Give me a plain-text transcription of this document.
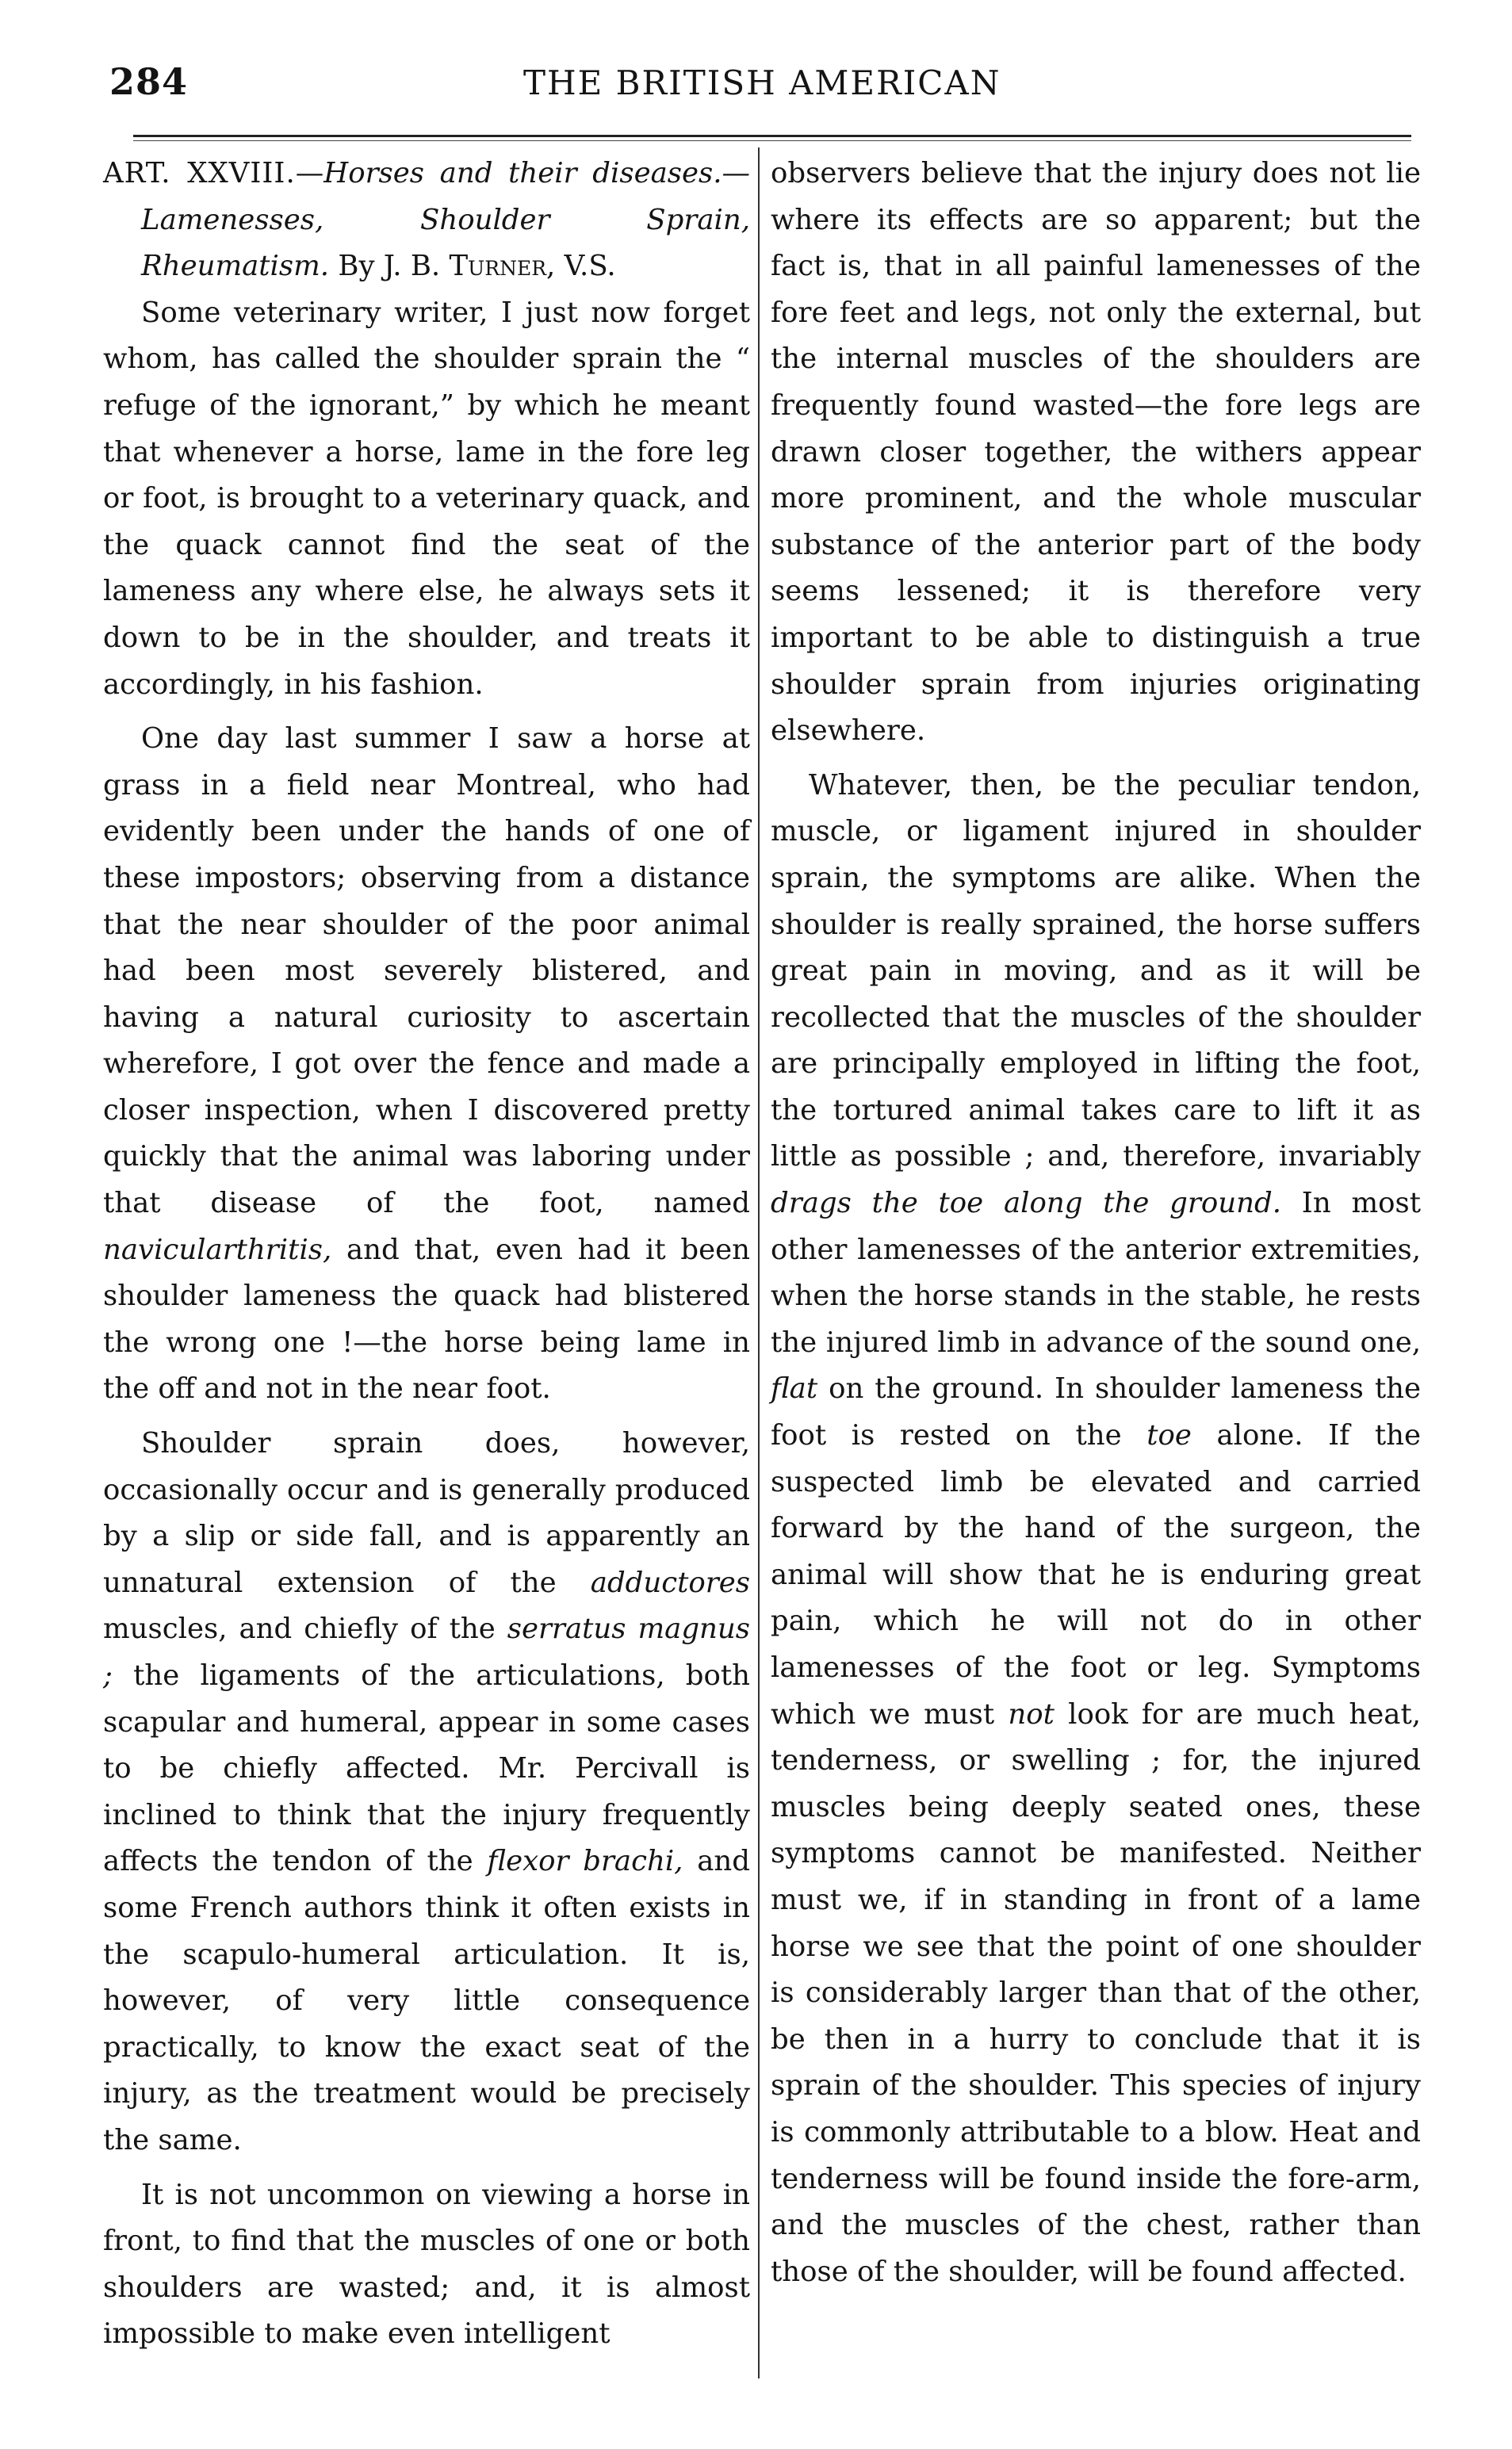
284	THE BRITISH AMERICAN

ART. XXVIII.—Horses and their diseases.—Lamenesses, Shoulder Sprain, Rheumatism. By J. B. Turner, V.S.

Some veterinary writer, I just now forget whom, has called the shoulder sprain the “ refuge of the ignorant,” by which he meant that whenever a horse, lame in the fore leg or foot, is brought to a veterinary quack, and the quack cannot find the seat of the lameness any where else, he always sets it down to be in the shoulder, and treats it accordingly, in his fashion.

One day last summer I saw a horse at grass in a field near Montreal, who had evidently been under the hands of one of these impostors; observing from a distance that the near shoulder of the poor animal had been most severely blistered, and having a natural curiosity to ascertain wherefore, I got over the fence and made a closer inspection, when I discovered pretty quickly that the animal was laboring under that disease of the foot, named navicularthritis, and that, even had it been shoulder lameness the quack had blistered the wrong one !—the horse being lame in the off and not in the near foot.

Shoulder sprain does, however, occasionally occur and is generally produced by a slip or side fall, and is apparently an unnatural extension of the adductores muscles, and chiefly of the serratus magnus ; the ligaments of the articulations, both scapular and humeral, appear in some cases to be chiefly affected. Mr. Percivall is inclined to think that the injury frequently affects the tendon of the flexor brachi, and some French authors think it often exists in the scapulo-humeral articulation. It is, however, of very little consequence practically, to know the exact seat of the injury, as the treatment would be precisely the same.

It is not uncommon on viewing a horse in front, to find that the muscles of one or both shoulders are wasted; and, it is almost impossible to make even intelligent

observers believe that the injury does not lie where its effects are so apparent; but the fact is, that in all painful lamenesses of the fore feet and legs, not only the external, but the internal muscles of the shoulders are frequently found wasted—the fore legs are drawn closer together, the withers appear more prominent, and the whole muscular substance of the anterior part of the body seems lessened; it is therefore very important to be able to distinguish a true shoulder sprain from injuries originating elsewhere.

Whatever, then, be the peculiar tendon, muscle, or ligament injured in shoulder sprain, the symptoms are alike. When the shoulder is really sprained, the horse suffers great pain in moving, and as it will be recollected that the muscles of the shoulder are principally employed in lifting the foot, the tortured animal takes care to lift it as little as possible ; and, therefore, invariably drags the toe along the ground. In most other lamenesses of the anterior extremities, when the horse stands in the stable, he rests the injured limb in advance of the sound one, flat on the ground. In shoulder lameness the foot is rested on the toe alone. If the suspected limb be elevated and carried forward by the hand of the surgeon, the animal will show that he is enduring great pain, which he will not do in other lamenesses of the foot or leg. Symptoms which we must not look for are much heat, tenderness, or swelling ; for, the injured muscles being deeply seated ones, these symptoms cannot be manifested. Neither must we, if in standing in front of a lame horse we see that the point of one shoulder is considerably larger than that of the other, be then in a hurry to conclude that it is sprain of the shoulder. This species of injury is commonly attributable to a blow. Heat and tenderness will be found inside the fore-arm, and the muscles of the chest, rather than those of the shoulder, will be found affected.
